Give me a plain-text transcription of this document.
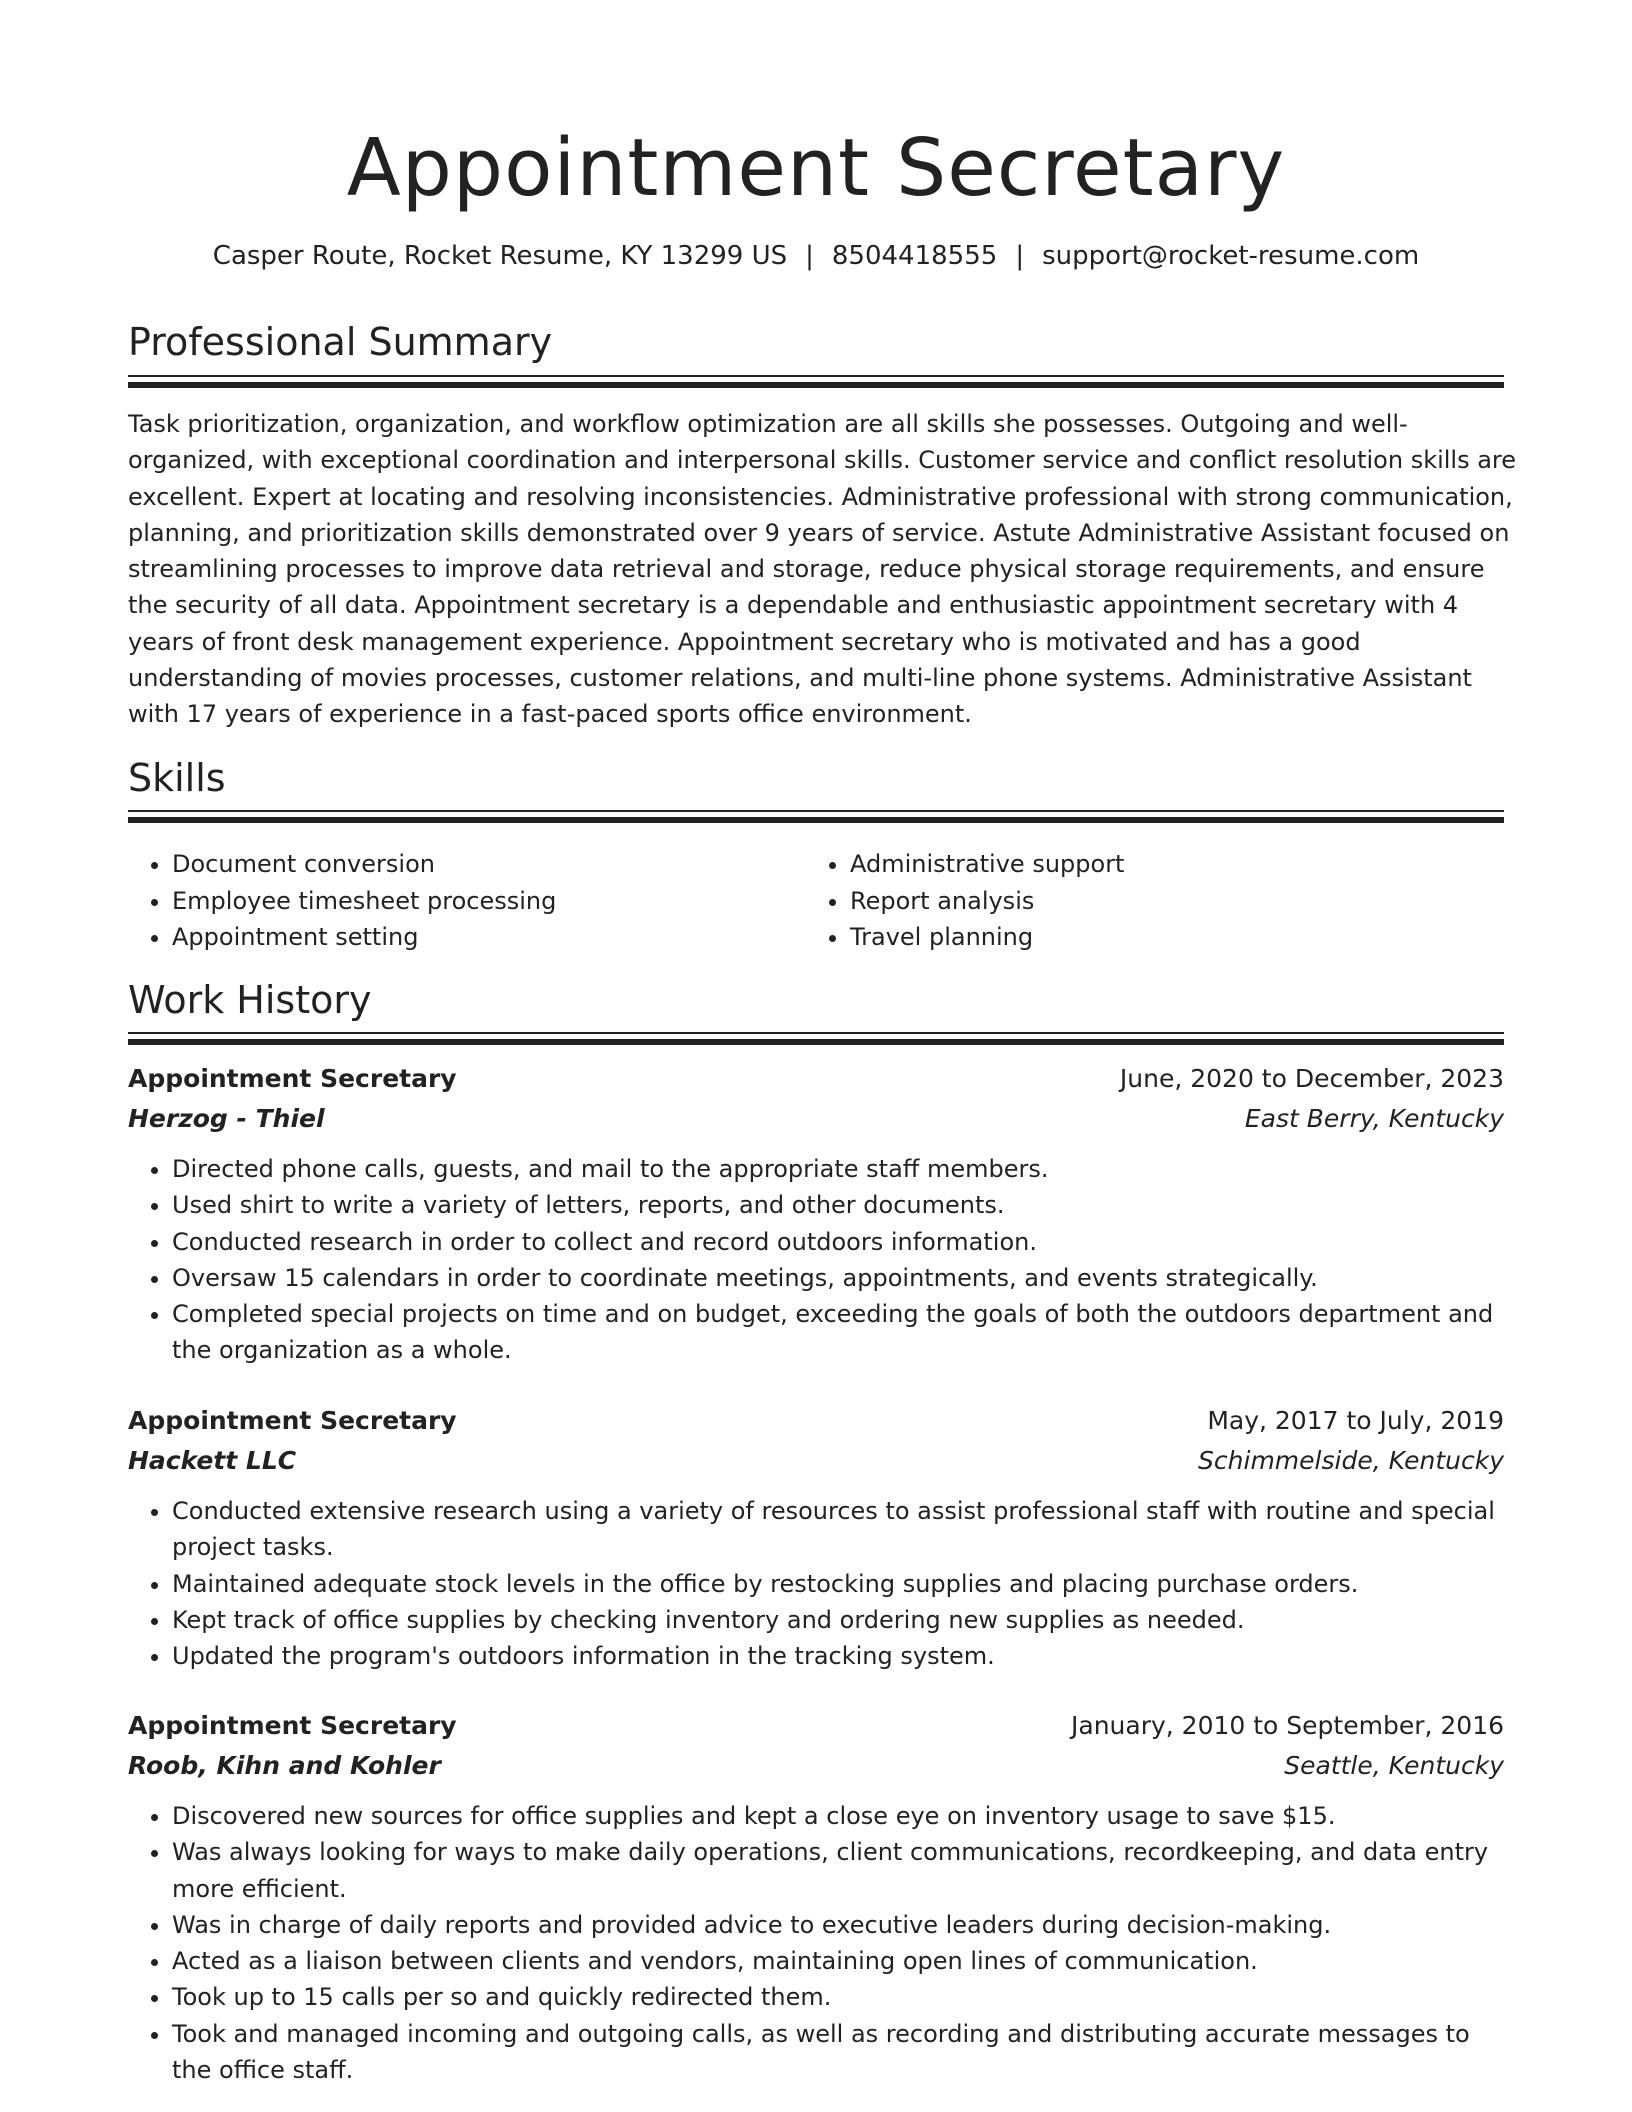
Appointment Secretary
Casper Route, Rocket Resume, KY 13299 US | 8504418555 | support@rocket-resume.com
Professional Summary

Task prioritization, organization, and workflow optimization are all skills she possesses. Outgoing and well-organized, with exceptional coordination and interpersonal skills. Customer service and conflict resolution skills are excellent. Expert at locating and resolving inconsistencies. Administrative professional with strong communication, planning, and prioritization skills demonstrated over 9 years of service. Astute Administrative Assistant focused on streamlining processes to improve data retrieval and storage, reduce physical storage requirements, and ensure the security of all data. Appointment secretary is a dependable and enthusiastic appointment secretary with 4 years of front desk management experience. Appointment secretary who is motivated and has a good understanding of movies processes, customer relations, and multi-line phone systems. Administrative Assistant with 17 years of experience in a fast-paced sports office environment.

Skills
• Document conversion
• Employee timesheet processing
• Appointment setting
• Administrative support
• Report analysis
• Travel planning
Work History
Appointment Secretary	June, 2020 to December, 2023
Herzog - Thiel	East Berry, Kentucky
• Directed phone calls, guests, and mail to the appropriate staff members.
• Used shirt to write a variety of letters, reports, and other documents.
• Conducted research in order to collect and record outdoors information.
• Oversaw 15 calendars in order to coordinate meetings, appointments, and events strategically.
• Completed special projects on time and on budget, exceeding the goals of both the outdoors department and the organization as a whole.
Appointment Secretary	May, 2017 to July, 2019
Hackett LLC	Schimmelside, Kentucky
• Conducted extensive research using a variety of resources to assist professional staff with routine and special project tasks.
• Maintained adequate stock levels in the office by restocking supplies and placing purchase orders.
• Kept track of office supplies by checking inventory and ordering new supplies as needed.
• Updated the program's outdoors information in the tracking system.
Appointment Secretary	January, 2010 to September, 2016
Roob, Kihn and Kohler	Seattle, Kentucky
• Discovered new sources for office supplies and kept a close eye on inventory usage to save $15.
• Was always looking for ways to make daily operations, client communications, recordkeeping, and data entry more efficient.
• Was in charge of daily reports and provided advice to executive leaders during decision-making.
• Acted as a liaison between clients and vendors, maintaining open lines of communication.
• Took up to 15 calls per so and quickly redirected them.
• Took and managed incoming and outgoing calls, as well as recording and distributing accurate messages to the office staff.
